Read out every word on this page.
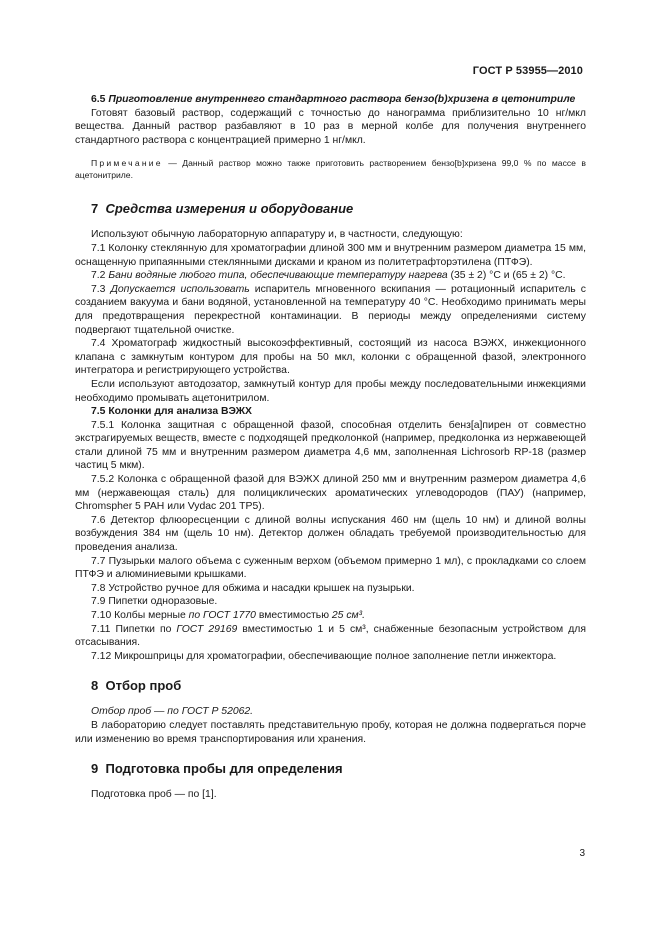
ГОСТ Р 53955—2010

6.5 Приготовление внутреннего стандартного раствора бензо(b)хризена в цетонитриле

Готовят базовый раствор, содержащий с точностью до нанограмма приблизительно 10 нг/мкл вещества. Данный раствор разбавляют в 10 раз в мерной колбе для получения внутреннего стандартного раствора с концентрацией примерно 1 нг/мкл.

Примечание — Данный раствор можно также приготовить растворением бензо[b]хризена 99,0 % по массе в ацетонитриле.

7 Средства измерения и оборудование

Используют обычную лабораторную аппаратуру и, в частности, следующую:

7.1 Колонку стеклянную для хроматографии длиной 300 мм и внутренним размером диаметра 15 мм, оснащенную припаянными стеклянными дисками и краном из политетрафторэтилена (ПТФЭ).

7.2 Бани водяные любого типа, обеспечивающие температуру нагрева (35 ± 2) °С и (65 ± 2) °С.

7.3 Допускается использовать испаритель мгновенного вскипания — ротационный испаритель с созданием вакуума и бани водяной, установленной на температуру 40 °С. Необходимо принимать меры для предотвращения перекрестной контаминации. В периоды между определениями систему подвергают тщательной очистке.

7.4 Хроматограф жидкостный высокоэффективный, состоящий из насоса ВЭЖХ, инжекционного клапана с замкнутым контуром для пробы на 50 мкл, колонки с обращенной фазой, электронного интегратора и регистрирующего устройства.

Если используют автодозатор, замкнутый контур для пробы между последовательными инжекциями необходимо промывать ацетонитрилом.

7.5 Колонки для анализа ВЭЖХ

7.5.1 Колонка защитная с обращенной фазой, способная отделить бенз[а]пирен от совместно экстрагируемых веществ, вместе с подходящей предколонкой (например, предколонка из нержавеющей стали длиной 75 мм и внутренним размером диаметра 4,6 мм, заполненная Lichrosorb RP-18 (размер частиц 5 мкм).

7.5.2 Колонка с обращенной фазой для ВЭЖХ длиной 250 мм и внутренним размером диаметра 4,6 мм (нержавеющая сталь) для полициклических ароматических углеводородов (ПАУ) (например, Chromspher 5 PAH или Vydac 201 TP5).

7.6 Детектор флюоресценции с длиной волны испускания 460 нм (щель 10 нм) и длиной волны возбуждения 384 нм (щель 10 нм). Детектор должен обладать требуемой производительностью для проведения анализа.

7.7 Пузырьки малого объема с суженным верхом (объемом примерно 1 мл), с прокладками со слоем ПТФЭ и алюминиевыми крышками.

7.8 Устройство ручное для обжима и насадки крышек на пузырьки.

7.9 Пипетки одноразовые.

7.10 Колбы мерные по ГОСТ 1770 вместимостью 25 см³.

7.11 Пипетки по ГОСТ 29169 вместимостью 1 и 5 см³, снабженные безопасным устройством для отсасывания.

7.12 Микрошприцы для хроматографии, обеспечивающие полное заполнение петли инжектора.

8 Отбор проб

Отбор проб — по ГОСТ Р 52062.

В лабораторию следует поставлять представительную пробу, которая не должна подвергаться порче или изменению во время транспортирования или хранения.

9 Подготовка пробы для определения

Подготовка проб — по [1].

3
